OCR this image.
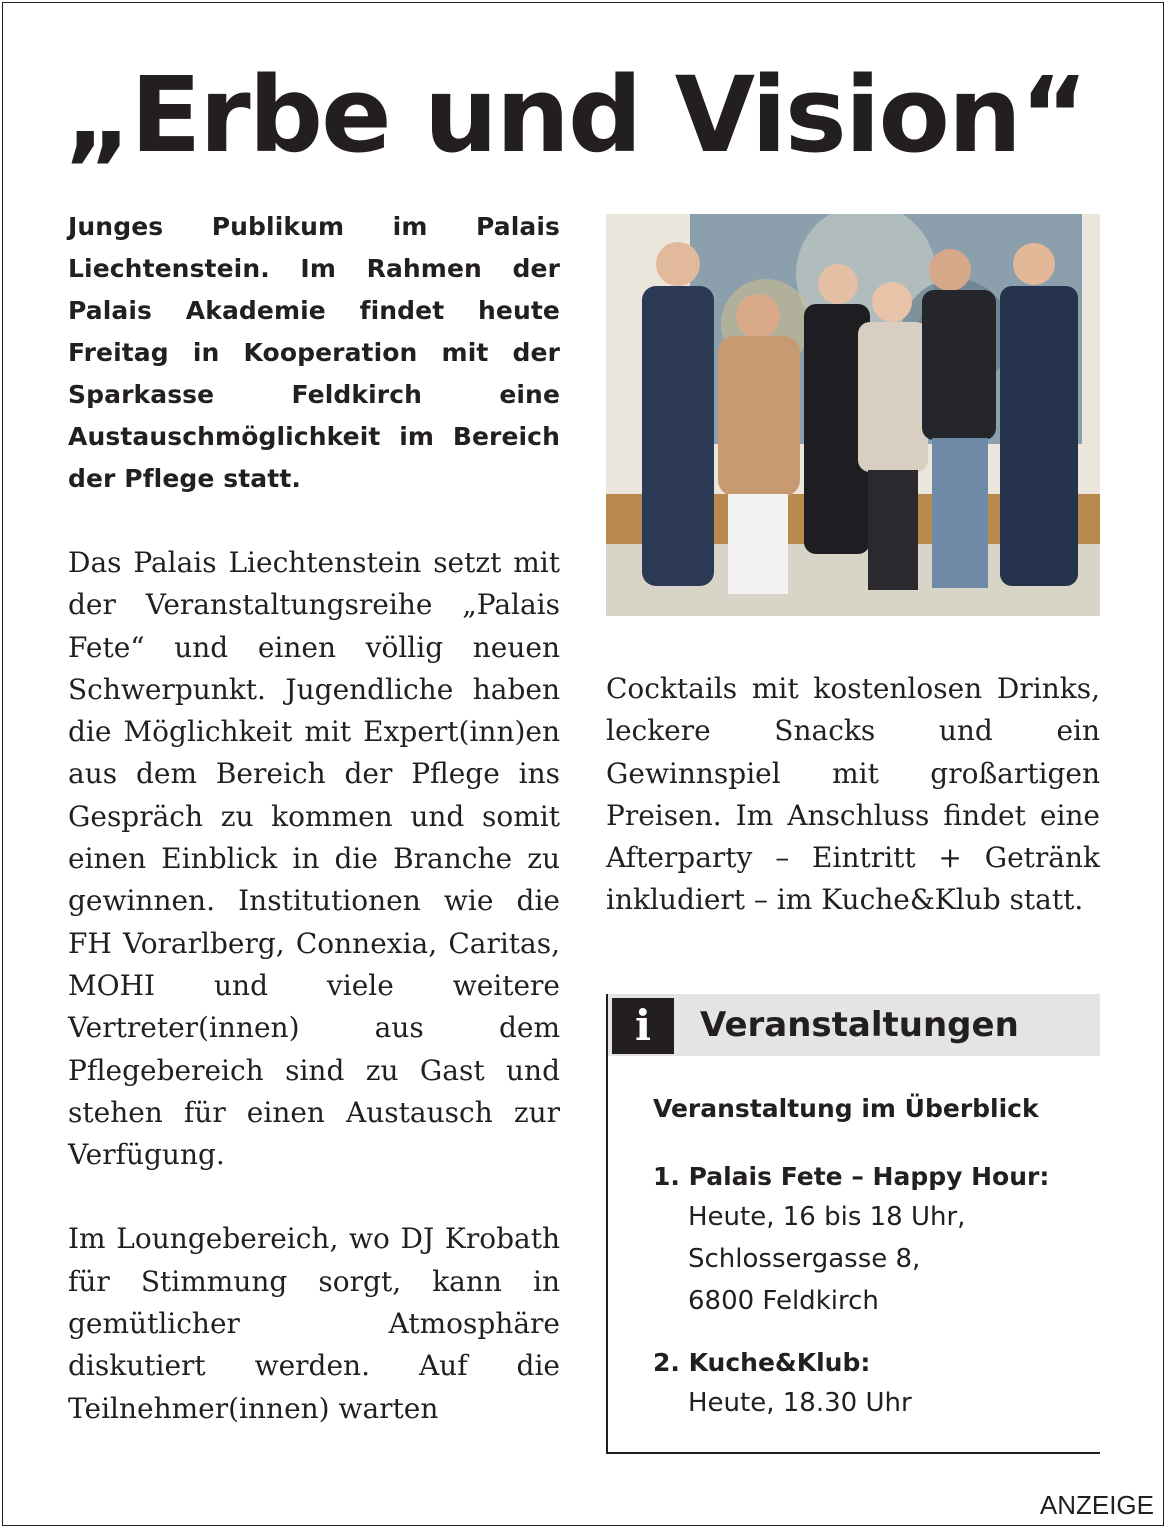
„Erbe und Vision“

Junges Publikum im Palais Liechtenstein. Im Rahmen der Palais Akademie findet heute Freitag in Kooperation mit der Sparkasse Feldkirch eine Austauschmöglichkeit im Bereich der Pflege statt.

Das Palais Liechtenstein setzt mit der Veranstaltungsreihe „Palais Fete“ und einen völlig neuen Schwerpunkt. Jugendliche haben die Möglichkeit mit Expert(inn)en aus dem Bereich der Pflege ins Gespräch zu kommen und somit einen Einblick in die Branche zu gewinnen. Institutionen wie die FH Vorarlberg, Connexia, Caritas, MOHI und viele weitere Vertreter(innen) aus dem Pflegebereich sind zu Gast und stehen für einen Austausch zur Verfügung.

Im Loungebereich, wo DJ Krobath für Stimmung sorgt, kann in gemütlicher Atmosphäre diskutiert werden. Auf die Teilnehmer(innen) warten

Cocktails mit kostenlosen Drinks, leckere Snacks und ein Gewinnspiel mit großartigen Preisen. Im Anschluss findet eine Afterparty – Eintritt + Getränk inkludiert – im Kuche&Klub statt.

i	Veranstaltungen
Veranstaltung im Überblick
1. Palais Fete – Happy Hour:
Heute, 16 bis 18 Uhr,
Schlossergasse 8,
6800 Feldkirch
2. Kuche&Klub:
Heute, 18.30 Uhr
ANZEIGE
